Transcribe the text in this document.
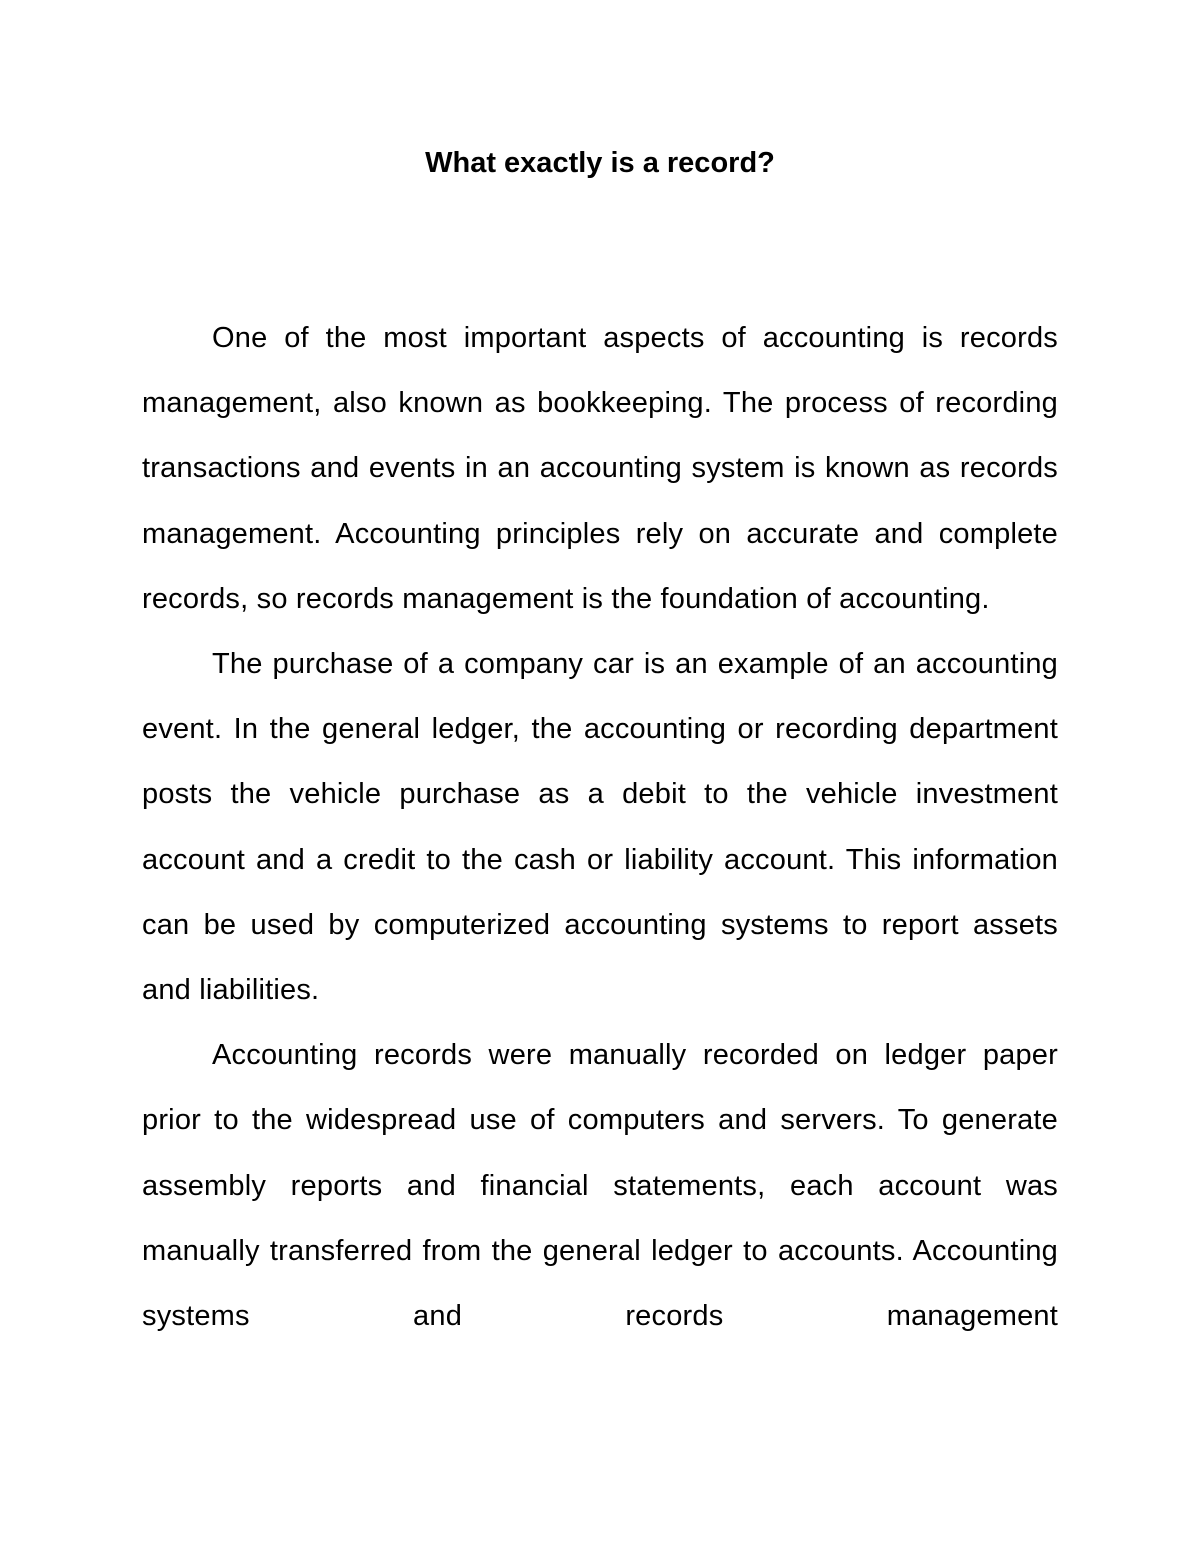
What exactly is a record?

One of the most important aspects of accounting is records management, also known as bookkeeping. The process of recording transactions and events in an accounting system is known as records management. Accounting principles rely on accurate and complete records, so records management is the foundation of accounting.

The purchase of a company car is an example of an accounting event. In the general ledger, the accounting or recording department posts the vehicle purchase as a debit to the vehicle investment account and a credit to the cash or liability account. This information can be used by computerized accounting systems to report assets and liabilities.

Accounting records were manually recorded on ledger paper prior to the widespread use of computers and servers. To generate assembly reports and financial statements, each account was manually transferred from the general ledger to accounts. Accounting systems and records management
